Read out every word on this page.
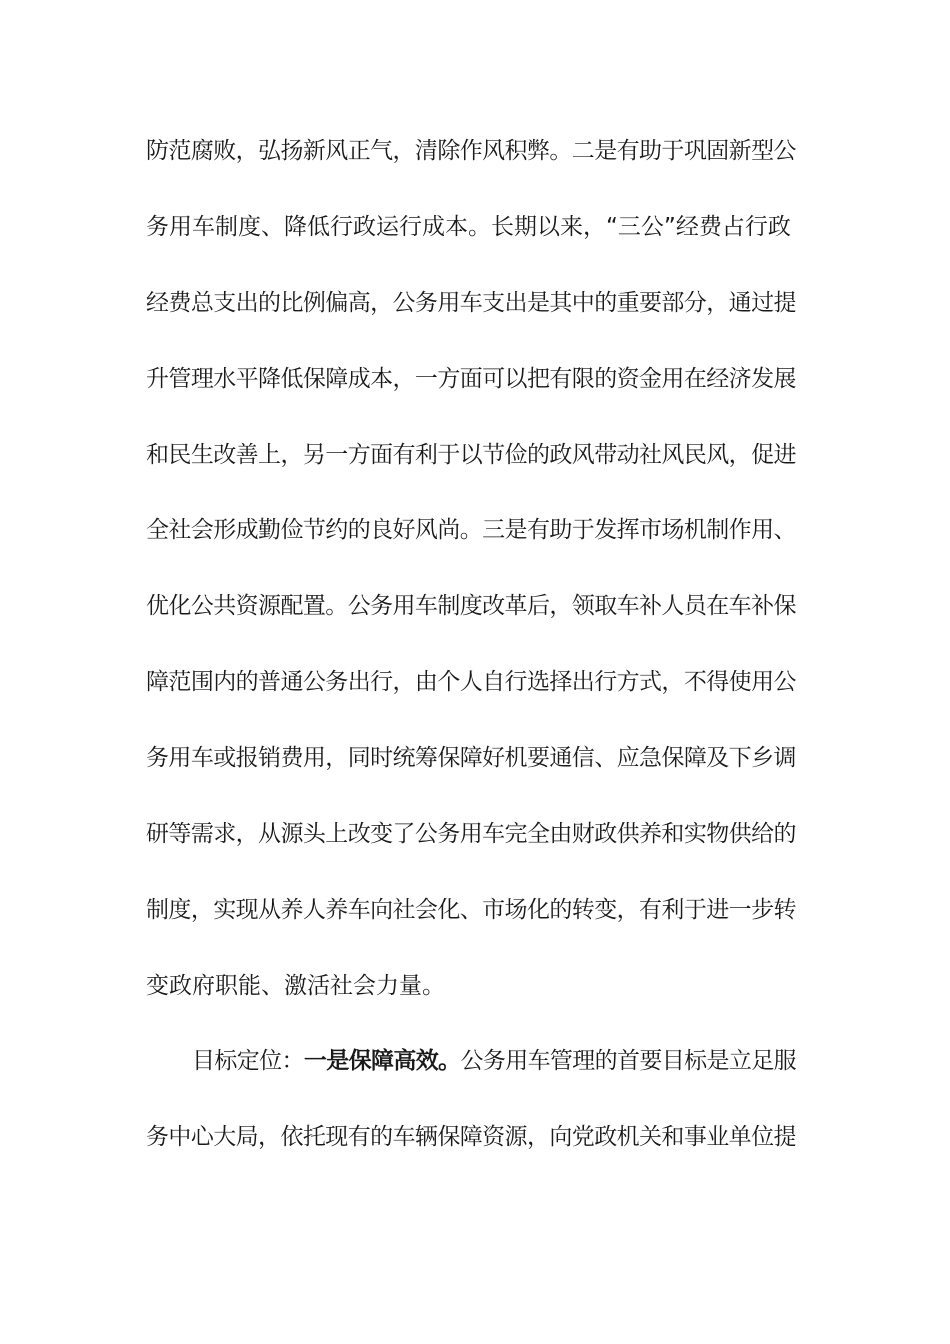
防范腐败，弘扬新风正气，清除作风积弊。二是有助于巩固新型公
务用车制度、降低行政运行成本。长期以来，“三公”经费占行政
经费总支出的比例偏高，公务用车支出是其中的重要部分，通过提
升管理水平降低保障成本，一方面可以把有限的资金用在经济发展
和民生改善上，另一方面有利于以节俭的政风带动社风民风，促进
全社会形成勤俭节约的良好风尚。三是有助于发挥市场机制作用、
优化公共资源配置。公务用车制度改革后，领取车补人员在车补保
障范围内的普通公务出行，由个人自行选择出行方式，不得使用公
务用车或报销费用，同时统筹保障好机要通信、应急保障及下乡调
研等需求，从源头上改变了公务用车完全由财政供养和实物供给的
制度，实现从养人养车向社会化、市场化的转变，有利于进一步转
变政府职能、激活社会力量。
目标定位：一是保障高效。公务用车管理的首要目标是立足服
务中心大局，依托现有的车辆保障资源，向党政机关和事业单位提
